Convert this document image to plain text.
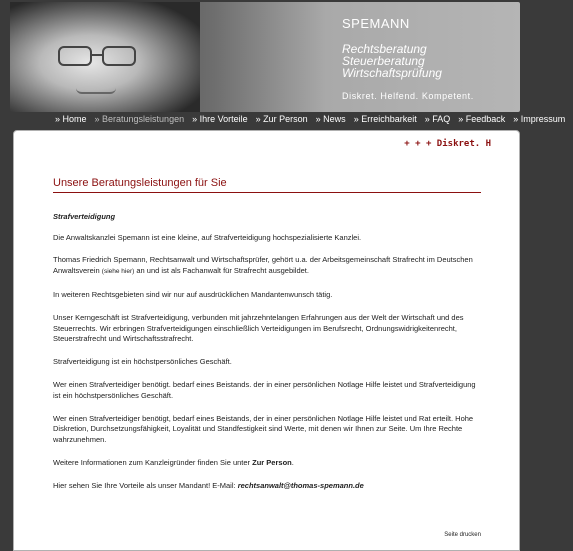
SPEMANN
Rechtsberatung
Steuerberatung
Wirtschaftsprüfung
Diskret. Helfend. Kompetent.
» Home » Beratungsleistungen » Ihre Vorteile » Zur Person » News » Erreichbarkeit » FAQ » Feedback » Impressum
+ + + Diskret. H
Unsere Beratungsleistungen für Sie
Strafverteidigung

Die Anwaltskanzlei Spemann ist eine kleine, auf Strafverteidigung hochspezialisierte Kanzlei.

Thomas Friedrich Spemann, Rechtsanwalt und Wirtschaftsprüfer, gehört u.a. der Arbeitsgemeinschaft Strafrecht im Deutschen Anwaltsverein (siehe hier) an und ist als Fachanwalt für Strafrecht ausgebildet.

In weiteren Rechtsgebieten sind wir nur auf ausdrücklichen Mandantenwunsch tätig.

Unser Kerngeschäft ist Strafverteidigung, verbunden mit jahrzehntelangen Erfahrungen aus der Welt der Wirtschaft und des Steuerrechts. Wir erbringen Strafverteidigungen einschließlich Verteidigungen im Berufsrecht, Ordnungswidrigkeitenrecht, Steuerstrafrecht und Wirtschaftsstrafrecht.

Strafverteidigung ist ein höchstpersönliches Geschäft.

Wer einen Strafverteidiger benötigt. bedarf eines Beistands. der in einer persönlichen Notlage Hilfe leistet und Strafverteidigung ist ein höchstpersönliches Geschäft.

Wer einen Strafverteidiger benötigt, bedarf eines Beistands, der in einer persönlichen Notlage Hilfe leistet und Rat erteilt. Hohe Diskretion, Durchsetzungsfähigkeit, Loyalität und Standfestigkeit sind Werte, mit denen wir Ihnen zur Seite. Um Ihre Rechte wahrzunehmen.

Weitere Informationen zum Kanzleigründer finden Sie unter Zur Person.

Hier sehen Sie Ihre Vorteile als unser Mandant! E-Mail: rechtsanwalt@thomas-spemann.de

Seite drucken
